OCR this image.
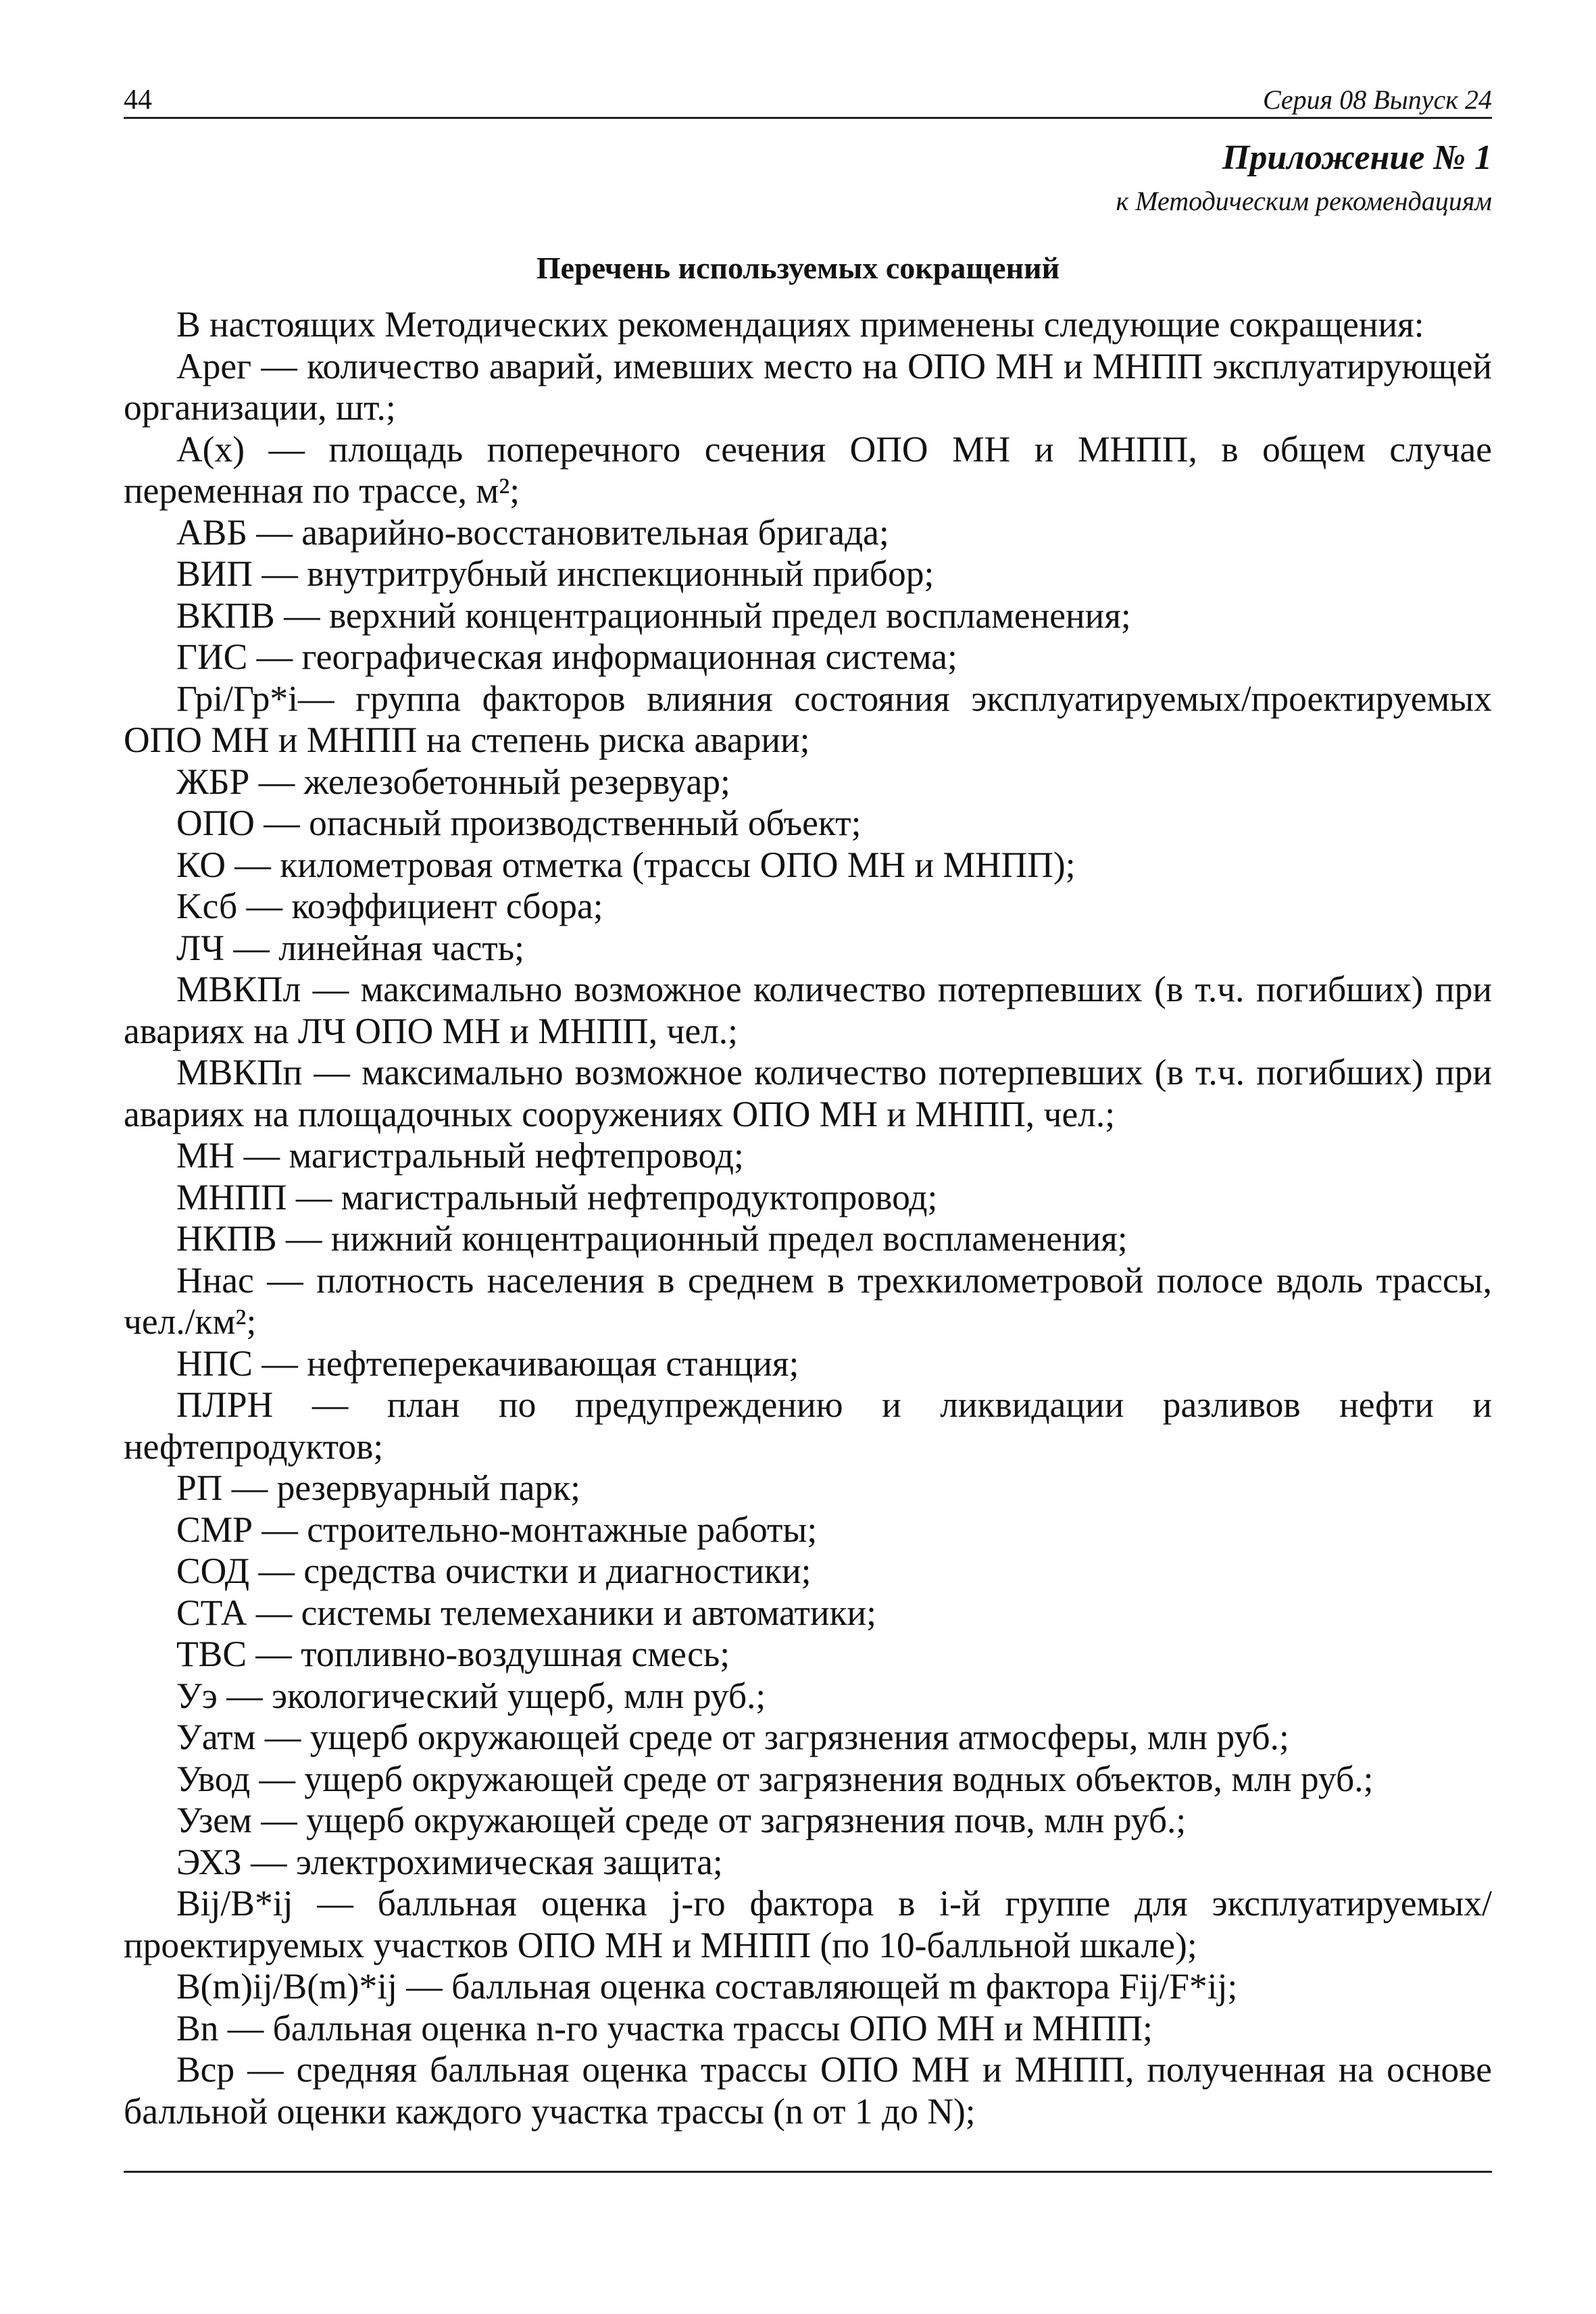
44	Серия 08 Выпуск 24
Приложение № 1
к Методическим рекомендациям
Перечень используемых сокращений

В настоящих Методических рекомендациях применены следующие сокращения:

Арег — количество аварий, имевших место на ОПО МН и МНПП эксплуатирующей организации, шт.;

А(x) — площадь поперечного сечения ОПО МН и МНПП, в общем случае переменная по трассе, м²;

АВБ — аварийно-восстановительная бригада;

ВИП — внутритрубный инспекционный прибор;

ВКПВ — верхний концентрационный предел воспламенения;

ГИС — географическая информационная система;

Грi/Гр*i— группа факторов влияния состояния эксплуатируемых/проектируемых ОПО МН и МНПП на степень риска аварии;

ЖБР — железобетонный резервуар;

ОПО — опасный производственный объект;

КО — километровая отметка (трассы ОПО МН и МНПП);

Kсб — коэффициент сбора;

ЛЧ — линейная часть;

МВКПл — максимально возможное количество потерпевших (в т.ч. погибших) при авариях на ЛЧ ОПО МН и МНПП, чел.;

МВКПп — максимально возможное количество потерпевших (в т.ч. погибших) при авариях на площадочных сооружениях ОПО МН и МНПП, чел.;

МН — магистральный нефтепровод;

МНПП — магистральный нефтепродуктопровод;

НКПВ — нижний концентрационный предел воспламенения;

Hнас — плотность населения в среднем в трехкилометровой полосе вдоль трассы, чел./км²;

НПС — нефтеперекачивающая станция;

ПЛРН — план по предупреждению и ликвидации разливов нефти и нефтепродуктов;

РП — резервуарный парк;

СМР — строительно-монтажные работы;

СОД — средства очистки и диагностики;

СТА — системы телемеханики и автоматики;

ТВС — топливно-воздушная смесь;

Уэ — экологический ущерб, млн руб.;

Уатм — ущерб окружающей среде от загрязнения атмосферы, млн руб.;

Увод — ущерб окружающей среде от загрязнения водных объектов, млн руб.;

Узем — ущерб окружающей среде от загрязнения почв, млн руб.;

ЭХЗ — электрохимическая защита;

Bij/B*ij — балльная оценка j-го фактора в i-й группе для эксплуатируемых/проектируемых участков ОПО МН и МНПП (по 10-балльной шкале);

B(m)ij/B(m)*ij — балльная оценка составляющей m фактора Fij/F*ij;

Bn — балльная оценка n-го участка трассы ОПО МН и МНПП;

Bср — средняя балльная оценка трассы ОПО МН и МНПП, полученная на основе балльной оценки каждого участка трассы (n от 1 до N);
